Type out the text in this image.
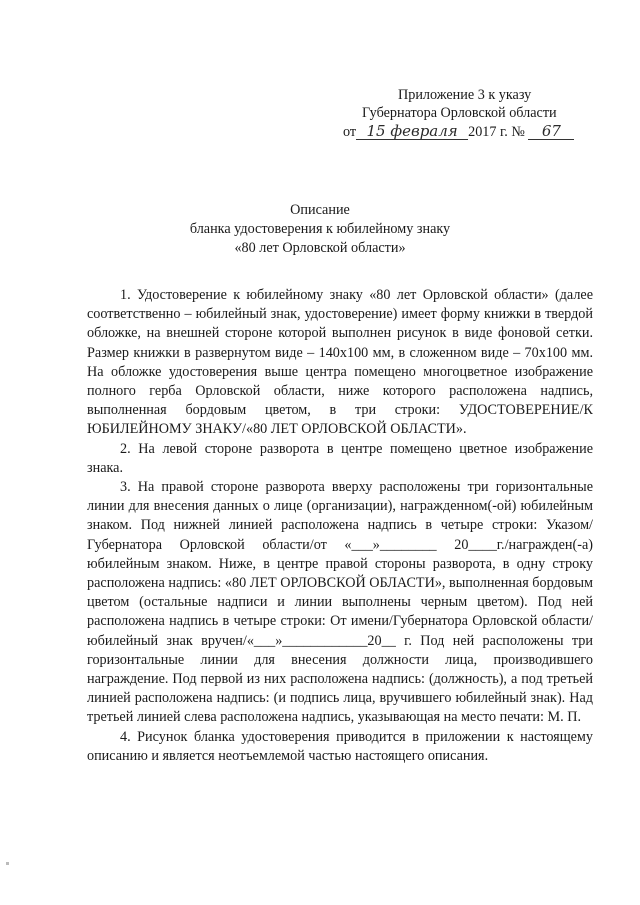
Приложение 3 к указу
Губернатора Орловской области
от 15 февраля 2017 г. № 67
Описание
бланка удостоверения к юбилейному знаку
«80 лет Орловской области»

1. Удостоверение к юбилейному знаку «80 лет Орловской области» (далее соответственно – юбилейный знак, удостоверение) имеет форму книжки в твердой обложке, на внешней стороне которой выполнен рисунок в виде фоновой сетки. Размер книжки в развернутом виде – 140х100 мм, в сложенном виде – 70х100 мм. На обложке удостоверения выше центра помещено многоцветное изображение полного герба Орловской области, ниже которого расположена надпись, выполненная бордовым цветом, в три строки: УДОСТОВЕРЕНИЕ/К ЮБИЛЕЙНОМУ ЗНАКУ/«80 ЛЕТ ОРЛОВСКОЙ ОБЛАСТИ».

2. На левой стороне разворота в центре помещено цветное изображение знака.

3. На правой стороне разворота вверху расположены три горизонтальные линии для внесения данных о лице (организации), награжденном(-ой) юбилейным знаком. Под нижней линией расположена надпись в четыре строки: Указом/Губернатора Орловской области/от «___»________ 20____г./награжден(-а) юбилейным знаком. Ниже, в центре правой стороны разворота, в одну строку расположена надпись: «80 ЛЕТ ОРЛОВСКОЙ ОБЛАСТИ», выполненная бордовым цветом (остальные надписи и линии выполнены черным цветом). Под ней расположена надпись в четыре строки: От имени/Губернатора Орловской области/юбилейный знак вручен/«___»____________20__ г. Под ней расположены три горизонтальные линии для внесения должности лица, производившего награждение. Под первой из них расположена надпись: (должность), а под третьей линией расположена надпись: (и подпись лица, вручившего юбилейный знак). Над третьей линией слева расположена надпись, указывающая на место печати: М. П.

4. Рисунок бланка удостоверения приводится в приложении к настоящему описанию и является неотъемлемой частью настоящего описания.
